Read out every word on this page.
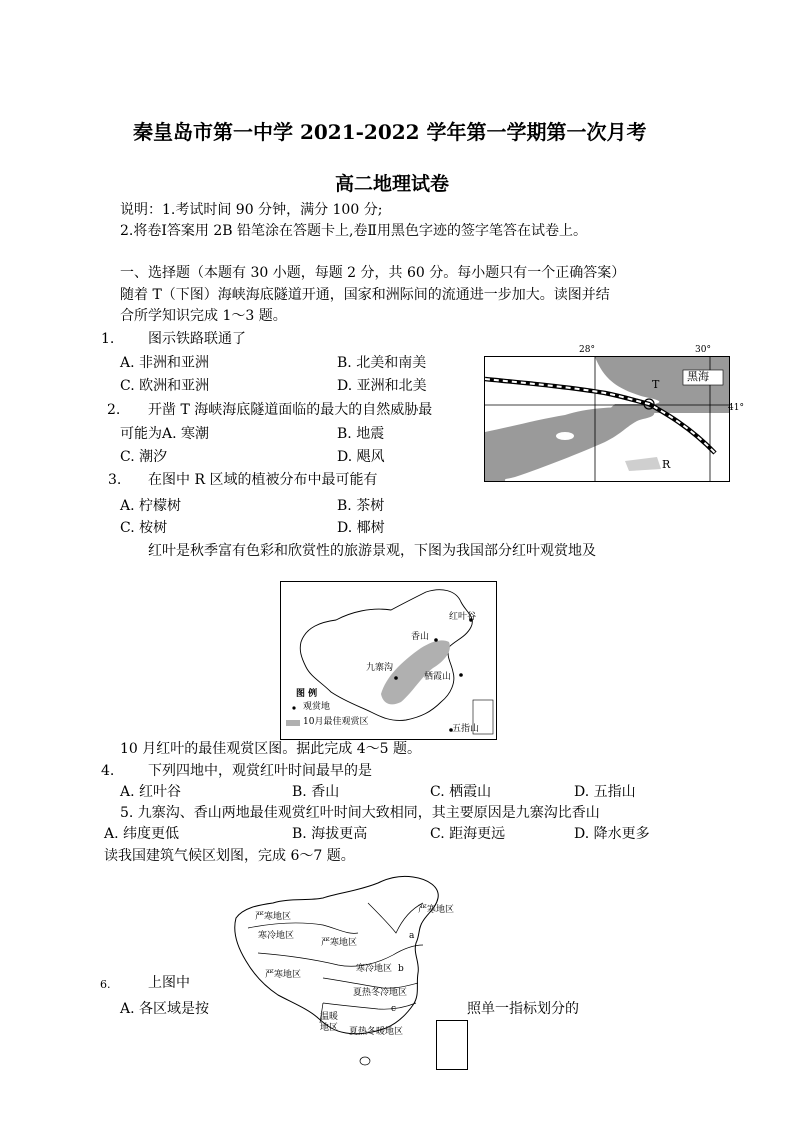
秦皇岛市第一中学 2021-2022 学年第一学期第一次月考
高二地理试卷
说明：1.考试时间 90 分钟，满分 100 分;
2.将卷Ⅰ答案用 2B 铅笔涂在答题卡上,卷Ⅱ用黑色字迹的签字笔答在试卷上。
一、选择题（本题有 30 小题，每题 2 分，共 60 分。每小题只有一个正确答案）
随着 T（下图）海峡海底隧道开通，国家和洲际间的流通进一步加大。读图并结
合所学知识完成 1～3 题。
1. 图示铁路联通了
A. 非洲和亚洲	B. 北美和南美
C. 欧洲和亚洲	D. 亚洲和北美
2. 开凿 T 海峡海底隧道面临的最大的自然威胁最
可能为A. 寒潮	B. 地震
C. 潮汐	D. 飓风
3. 在图中 R 区域的植被分布中最可能有
A. 柠檬树	B. 茶树
C. 桉树	D. 椰树
28°	30°
41°
黑海
T
R
红叶是秋季富有色彩和欣赏性的旅游景观，下图为我国部分红叶观赏地及
红叶谷
香山
九寨沟
栖霞山
五指山
图 例
观赏地
10月最佳观赏区
10 月红叶的最佳观赏区图。据此完成 4～5 题。
4. 下列四地中，观赏红叶时间最早的是
A. 红叶谷	B. 香山	C. 栖霞山	D. 五指山
5. 九寨沟、香山两地最佳观赏红叶时间大致相同，其主要原因是九寨沟比香山
A. 纬度更低	B. 海拔更高	C. 距海更远	D. 降水更多
读我国建筑气候区划图，完成 6～7 题。
严寒地区
严寒地区
寒冷地区
严寒地区
严寒地区
寒冷地区
夏热冬冷地区
温暖
地区 夏热冬暖地区
a
b
c
6.	上图中
A. 各区域是按	照单一指标划分的
